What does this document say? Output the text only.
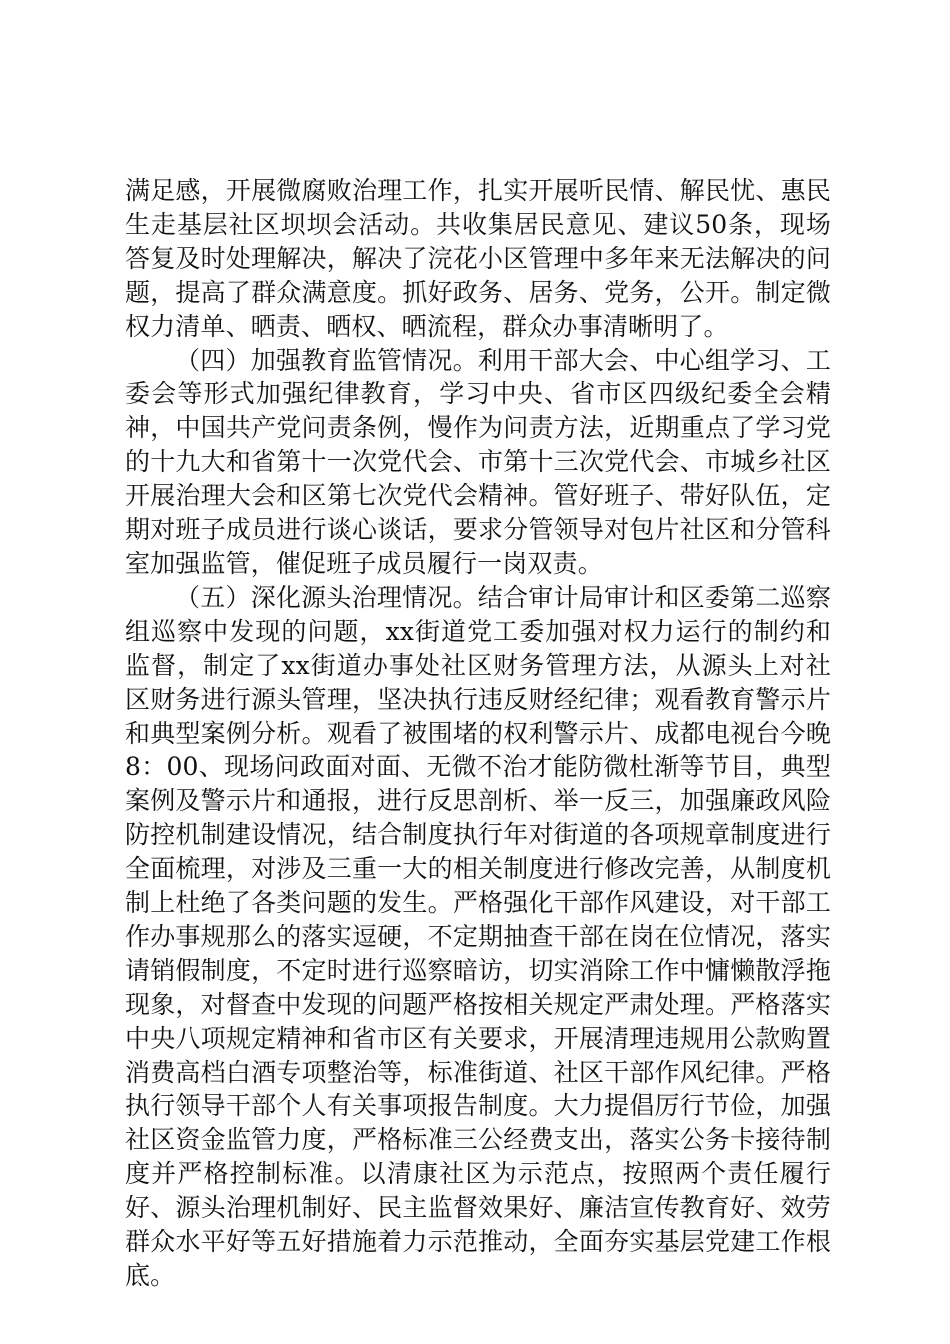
满足感，开展微腐败治理工作，扎实开展听民情、解民忧、惠民生走基层社区坝坝会活动。共收集居民意见、建议50条，现场答复及时处理解决，解决了浣花小区管理中多年来无法解决的问题，提高了群众满意度。抓好政务、居务、党务，公开。制定微权力清单、晒责、晒权、晒流程，群众办事清晰明了。

（四）加强教育监管情况。利用干部大会、中心组学习、工委会等形式加强纪律教育，学习中央、省市区四级纪委全会精神，中国共产党问责条例，慢作为问责方法，近期重点了学习党的十九大和省第十一次党代会、市第十三次党代会、市城乡社区开展治理大会和区第七次党代会精神。管好班子、带好队伍，定期对班子成员进行谈心谈话，要求分管领导对包片社区和分管科室加强监管，催促班子成员履行一岗双责。

（五）深化源头治理情况。结合审计局审计和区委第二巡察组巡察中发现的问题，xx街道党工委加强对权力运行的制约和监督，制定了xx街道办事处社区财务管理方法，从源头上对社区财务进行源头管理，坚决执行违反财经纪律；观看教育警示片和典型案例分析。观看了被围堵的权利警示片、成都电视台今晚8：00、现场问政面对面、无微不治才能防微杜渐等节目，典型案例及警示片和通报，进行反思剖析、举一反三，加强廉政风险防控机制建设情况，结合制度执行年对街道的各项规章制度进行全面梳理，对涉及三重一大的相关制度进行修改完善，从制度机制上杜绝了各类问题的发生。严格强化干部作风建设，对干部工作办事规那么的落实逗硬，不定期抽查干部在岗在位情况，落实请销假制度，不定时进行巡察暗访，切实消除工作中慵懒散浮拖现象，对督查中发现的问题严格按相关规定严肃处理。严格落实中央八项规定精神和省市区有关要求，开展清理违规用公款购置消费高档白酒专项整治等，标准街道、社区干部作风纪律。严格执行领导干部个人有关事项报告制度。大力提倡厉行节俭，加强社区资金监管力度，严格标准三公经费支出，落实公务卡接待制度并严格控制标准。以清康社区为示范点，按照两个责任履行好、源头治理机制好、民主监督效果好、廉洁宣传教育好、效劳群众水平好等五好措施着力示范推动，全面夯实基层党建工作根底。
